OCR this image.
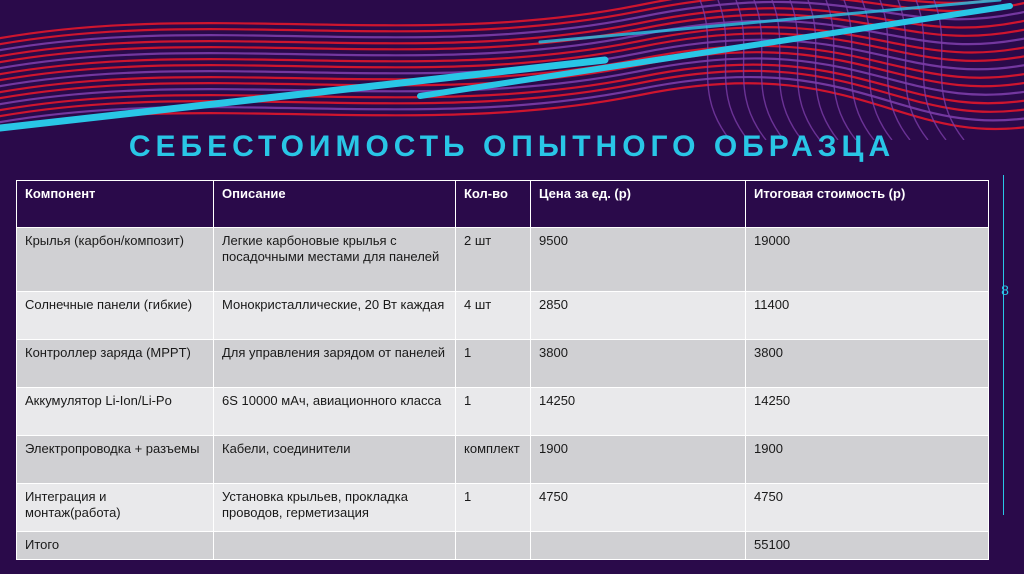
СЕБЕСТОИМОСТЬ ОПЫТНОГО ОБРАЗЦА
8
Компонент	Описание	Кол-во	Цена за ед. (р)	Итоговая стоимость (р)
Крылья (карбон/композит)	Легкие карбоновые крылья с посадочными местами для панелей	2 шт	9500	19000
Солнечные панели (гибкие)	Монокристаллические, 20 Вт каждая	4 шт	2850	11400
Контроллер заряда (MPPT)	Для управления зарядом от панелей	1	3800	3800
Аккумулятор Li-Ion/Li-Po	6S 10000 мАч, авиационного класса	1	14250	14250
Электропроводка + разъемы	Кабели, соединители	комплект	1900	1900
Интеграция и монтаж(работа)	Установка крыльев, прокладка проводов, герметизация	1	4750	4750
Итого				55100
